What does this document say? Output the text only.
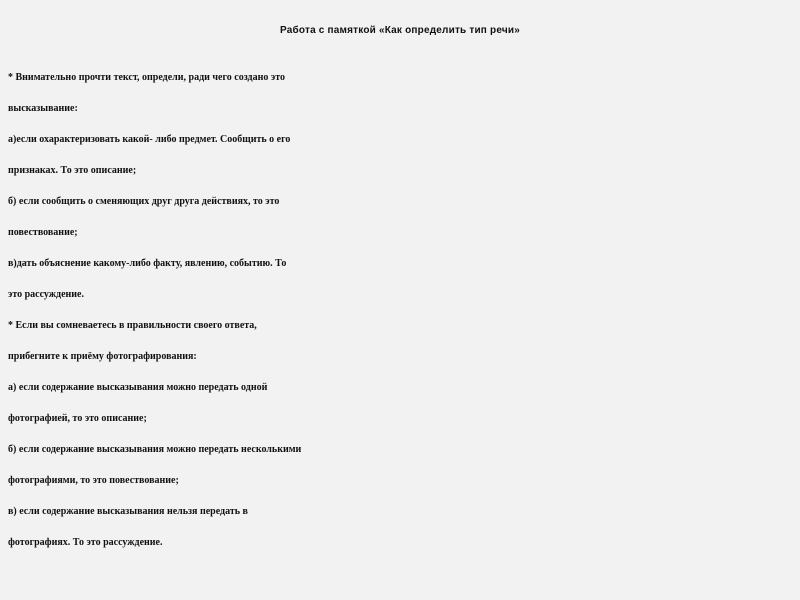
Работа с памяткой «Как определить тип речи»
* Внимательно прочти текст, определи, ради чего создано это
высказывание:
а)если охарактеризовать какой- либо предмет. Сообщить о его
признаках. То это описание;
б) если сообщить о сменяющих друг друга действиях, то это
повествование;
в)дать объяснение какому-либо факту, явлению, событию. То
это рассуждение.
* Если вы сомневаетесь в правильности своего ответа,
прибегните к приёму фотографирования:
а) если содержание высказывания можно передать одной
фотографией, то это описание;
б) если содержание высказывания можно передать несколькими
фотографиями, то это повествование;
в) если содержание высказывания нельзя передать в
фотографиях. То это рассуждение.
